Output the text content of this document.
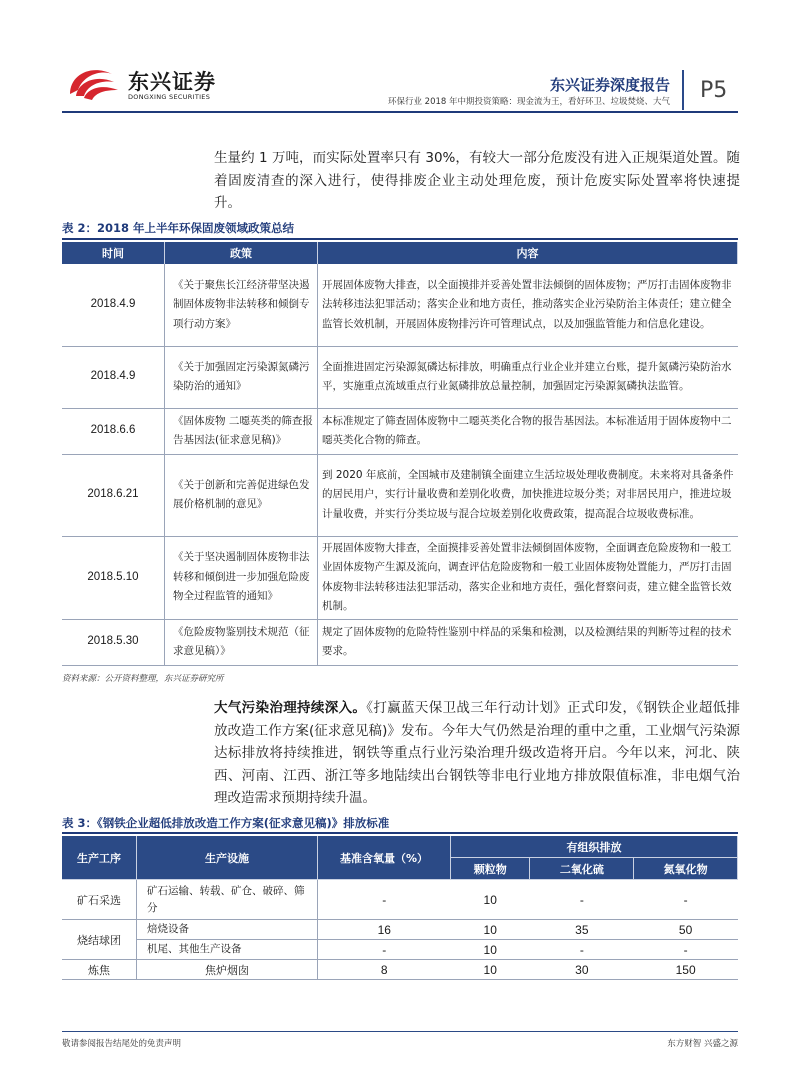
东兴证券
DONGXING SECURITIES
东兴证券深度报告
环保行业 2018 年中期投资策略：现金流为王，看好环卫、垃圾焚烧、大气 P5
生量约 1 万吨，而实际处置率只有 30%，有较大一部分危废没有进入正规渠道处置。随着固废清查的深入进行，使得排废企业主动处理危废，预计危废实际处置率将快速提升。
表 2：2018 年上半年环保固废领域政策总结
时间	政策	内容
2018.4.9	《关于聚焦长江经济带坚决遏制固体废物非法转移和倾倒专项行动方案》	开展固体废物大排查，以全面摸排并妥善处置非法倾倒的固体废物；严厉打击固体废物非法转移违法犯罪活动；落实企业和地方责任，推动落实企业污染防治主体责任；建立健全监管长效机制，开展固体废物排污许可管理试点，以及加强监管能力和信息化建设。
2018.4.9	《关于加强固定污染源氮磷污染防治的通知》	全面推进固定污染源氮磷达标排放，明确重点行业企业并建立台账，提升氮磷污染防治水平，实施重点流域重点行业氮磷排放总量控制，加强固定污染源氮磷执法监管。
2018.6.6	《固体废物 二噁英类的筛查报告基因法(征求意见稿)》	本标准规定了筛查固体废物中二噁英类化合物的报告基因法。本标准适用于固体废物中二噁英类化合物的筛查。
2018.6.21	《关于创新和完善促进绿色发展价格机制的意见》	到 2020 年底前，全国城市及建制镇全面建立生活垃圾处理收费制度。未来将对具备条件的居民用户，实行计量收费和差别化收费，加快推进垃圾分类；对非居民用户，推进垃圾计量收费，并实行分类垃圾与混合垃圾差别化收费政策，提高混合垃圾收费标准。
2018.5.10	《关于坚决遏制固体废物非法转移和倾倒进一步加强危险废物全过程监管的通知》	开展固体废物大排查，全面摸排妥善处置非法倾倒固体废物，全面调查危险废物和一般工业固体废物产生源及流向，调查评估危险废物和一般工业固体废物处置能力，严厉打击固体废物非法转移违法犯罪活动，落实企业和地方责任，强化督察问责，建立健全监管长效机制。
2018.5.30	《危险废物鉴别技术规范（征求意见稿）》	规定了固体废物的危险特性鉴别中样品的采集和检测，以及检测结果的判断等过程的技术要求。
资料来源：公开资料整理，东兴证券研究所
大气污染治理持续深入。《打赢蓝天保卫战三年行动计划》正式印发，《钢铁企业超低排放改造工作方案(征求意见稿)》发布。今年大气仍然是治理的重中之重，工业烟气污染源达标排放将持续推进，钢铁等重点行业污染治理升级改造将开启。今年以来，河北、陕西、河南、江西、浙江等多地陆续出台钢铁等非电行业地方排放限值标准，非电烟气治理改造需求预期持续升温。
表 3：《钢铁企业超低排放改造工作方案(征求意见稿)》排放标准
生产工序	生产设施	基准含氧量（%）	有组织排放		
			颗粒物	二氧化硫	氮氧化物
矿石采选	矿石运输、转载、矿仓、破碎、筛分	-	10	-	-
烧结球团	焙烧设备	16	10	35	50
	机尾、其他生产设备	-	10	-	-
炼焦	焦炉烟囱	8	10	30	150
敬请参阅报告结尾处的免责声明	东方财智 兴盛之源
